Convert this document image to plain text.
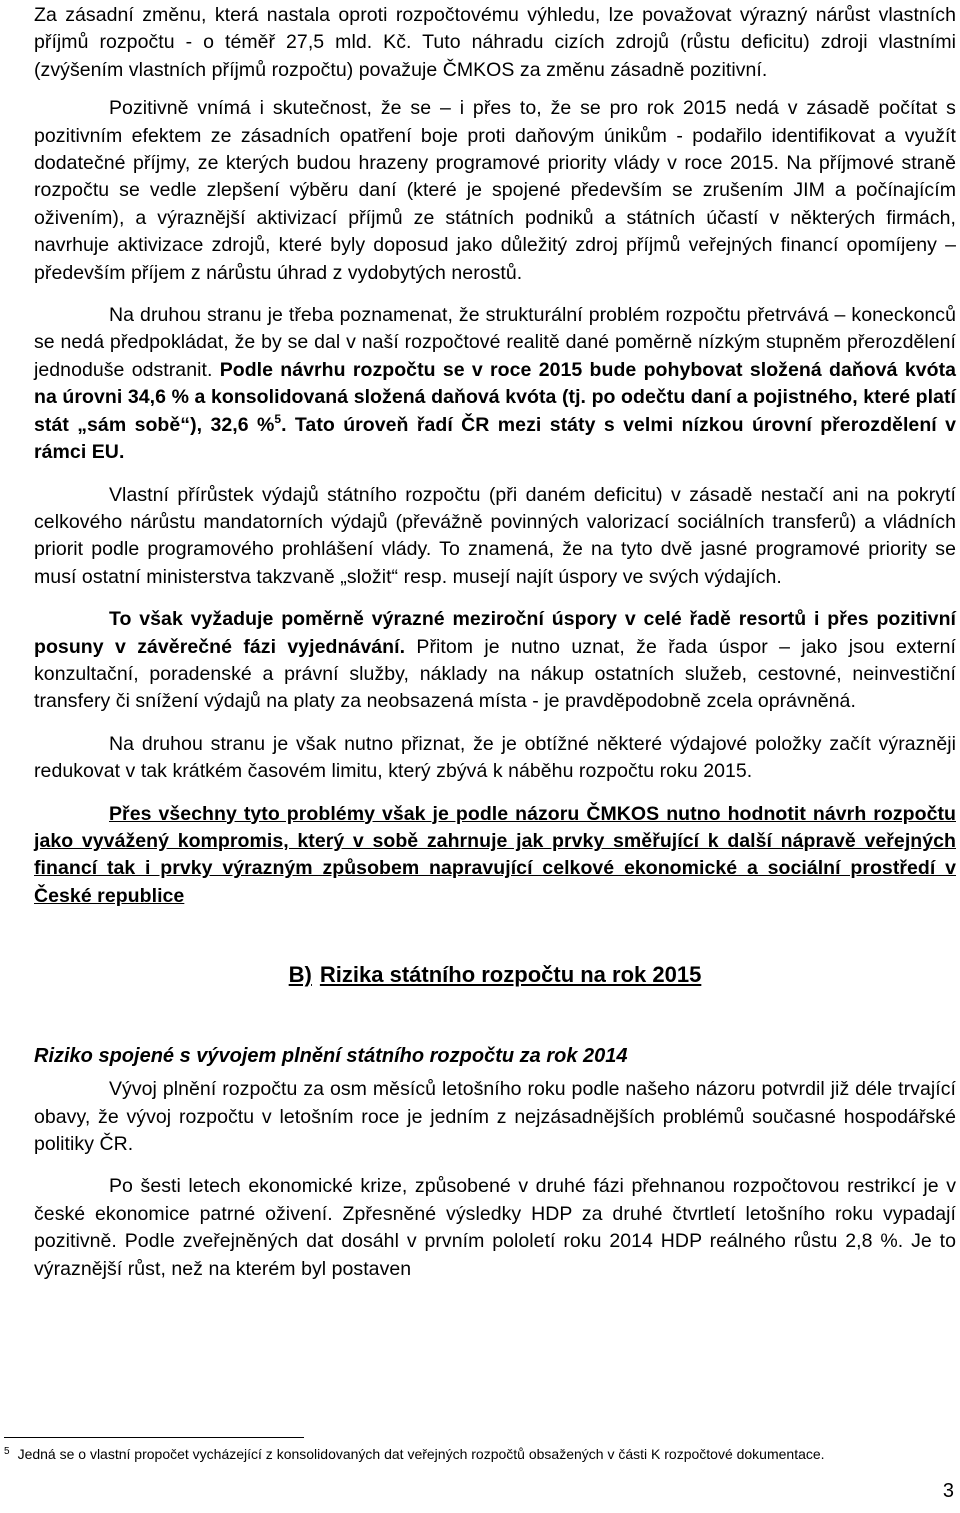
Za zásadní změnu, která nastala oproti rozpočtovému výhledu, lze považovat výrazný nárůst vlastních příjmů rozpočtu - o téměř 27,5 mld. Kč. Tuto náhradu cizích zdrojů (růstu deficitu) zdroji vlastními (zvýšením vlastních příjmů rozpočtu) považuje ČMKOS za změnu zásadně pozitivní.

Pozitivně vnímá i skutečnost, že se – i přes to, že se pro rok 2015 nedá v zásadě počítat s pozitivním efektem ze zásadních opatření boje proti daňovým únikům - podařilo identifikovat a využít dodatečné příjmy, ze kterých budou hrazeny programové priority vlády v roce 2015. Na příjmové straně rozpočtu se vedle zlepšení výběru daní (které je spojené především se zrušením JIM a počínajícím oživením), a výraznější aktivizací příjmů ze státních podniků a státních účastí v některých firmách, navrhuje aktivizace zdrojů, které byly doposud jako důležitý zdroj příjmů veřejných financí opomíjeny – především příjem z nárůstu úhrad z vydobytých nerostů.

Na druhou stranu je třeba poznamenat, že strukturální problém rozpočtu přetrvává – koneckonců se nedá předpokládat, že by se dal v naší rozpočtové realitě dané poměrně nízkým stupněm přerozdělení jednoduše odstranit. Podle návrhu rozpočtu se v roce 2015 bude pohybovat složená daňová kvóta na úrovni 34,6 % a konsolidovaná složená daňová kvóta (tj. po odečtu daní a pojistného, které platí stát „sám sobě“), 32,6 %$^5$. Tato úroveň řadí ČR mezi státy s velmi nízkou úrovní přerozdělení v rámci EU.

Vlastní přírůstek výdajů státního rozpočtu (při daném deficitu) v zásadě nestačí ani na pokrytí celkového nárůstu mandatorních výdajů (převážně povinných valorizací sociálních transferů) a vládních priorit podle programového prohlášení vlády. To znamená, že na tyto dvě jasné programové priority se musí ostatní ministerstva takzvaně „složit“ resp. musejí najít úspory ve svých výdajích.

To však vyžaduje poměrně výrazné meziroční úspory v celé řadě resortů i přes pozitivní posuny v závěrečné fázi vyjednávání. Přitom je nutno uznat, že řada úspor – jako jsou externí konzultační, poradenské a právní služby, náklady na nákup ostatních služeb, cestovné, neinvestiční transfery či snížení výdajů na platy za neobsazená místa - je pravděpodobně zcela oprávněná.

Na druhou stranu je však nutno přiznat, že je obtížné některé výdajové položky začít výrazněji redukovat v tak krátkém časovém limitu, který zbývá k náběhu rozpočtu roku 2015.

Přes všechny tyto problémy však je podle názoru ČMKOS nutno hodnotit návrh rozpočtu jako vyvážený kompromis, který v sobě zahrnuje jak prvky směřující k další nápravě veřejných financí tak i prvky výrazným způsobem napravující celkové ekonomické a sociální prostředí v České republice

B) Rizika státního rozpočtu na rok 2015

Riziko spojené s vývojem plnění státního rozpočtu za rok 2014

Vývoj plnění rozpočtu za osm měsíců letošního roku podle našeho názoru potvrdil již déle trvající obavy, že vývoj rozpočtu v letošním roce je jedním z nejzásadnějších problémů současné hospodářské politiky ČR.

Po šesti letech ekonomické krize, způsobené v druhé fázi přehnanou rozpočtovou restrikcí je v české ekonomice patrné oživení. Zpřesněné výsledky HDP za druhé čtvrtletí letošního roku vypadají pozitivně. Podle zveřejněných dat dosáhl v prvním pololetí roku 2014 HDP reálného růstu 2,8 %. Je to výraznější růst, než na kterém byl postaven

$^5$ Jedná se o vlastní propočet vycházející z konsolidovaných dat veřejných rozpočtů obsažených v části K rozpočtové dokumentace.

3
